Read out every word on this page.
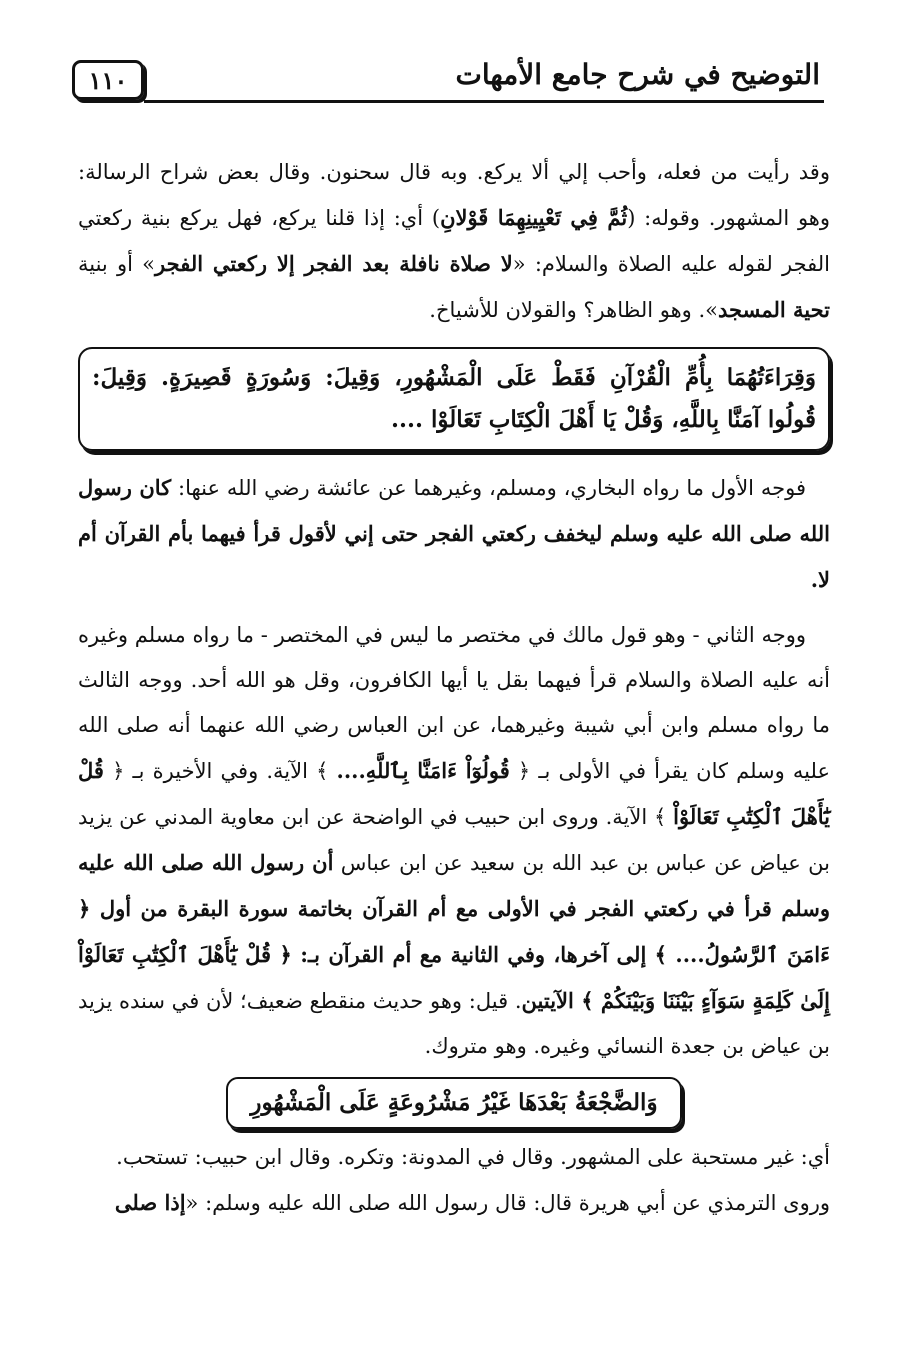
١١٠	التوضيح في شرح جامع الأمهات

وقد رأيت من فعله، وأحب إلي ألا يركع. وبه قال سحنون. وقال بعض شراح الرسالة: وهو المشهور. وقوله: (ثُمَّ فِي تَعْيِينِهِمَا قَوْلانِ) أي: إذا قلنا يركع، فهل يركع بنية ركعتي الفجر لقوله عليه الصلاة والسلام: «لا صلاة نافلة بعد الفجر إلا ركعتي الفجر» أو بنية تحية المسجد». وهو الظاهر؟ والقولان للأشياخ.

وَقِرَاءَتُهُمَا بِأُمِّ الْقُرْآنِ فَقَطْ عَلَى الْمَشْهُورِ، وَقِيلَ: وَسُورَةٍ قَصِيرَةٍ. وَقِيلَ: قُولُوا آمَنَّا بِاللَّهِ، وَقُلْ يَا أَهْلَ الْكِتَابِ تَعَالَوْا ....

فوجه الأول ما رواه البخاري، ومسلم، وغيرهما عن عائشة رضي الله عنها: كان رسول الله صلى الله عليه وسلم ليخفف ركعتي الفجر حتى إني لأقول قرأ فيهما بأم القرآن أم لا.

ووجه الثاني - وهو قول مالك في مختصر ما ليس في المختصر - ما رواه مسلم وغيره أنه عليه الصلاة والسلام قرأ فيهما بقل يا أيها الكافرون، وقل هو الله أحد. ووجه الثالث ما رواه مسلم وابن أبي شيبة وغيرهما، عن ابن العباس رضي الله عنهما أنه صلى الله عليه وسلم كان يقرأ في الأولى بـ ﴿ قُولُوٓاْ ءَامَنَّا بِٱللَّهِ.... ﴾ الآية. وفي الأخيرة بـ ﴿ قُلْ يَٰٓأَهْلَ ٱلْكِتَٰبِ تَعَالَوْاْ ﴾ الآية. وروى ابن حبيب في الواضحة عن ابن معاوية المدني عن يزيد بن عياض عن عباس بن عبد الله بن سعيد عن ابن عباس أن رسول الله صلى الله عليه وسلم قرأ في ركعتي الفجر في الأولى مع أم القرآن بخاتمة سورة البقرة من أول ﴿ ءَامَنَ ٱلرَّسُولُ.... ﴾ إلى آخرها، وفي الثانية مع أم القرآن بـ: ﴿ قُلْ يَٰٓأَهْلَ ٱلْكِتَٰبِ تَعَالَوْاْ إِلَىٰ كَلِمَةٍ سَوَآءٍ بَيْنَنَا وَبَيْنَكُمْ ﴾ الآيتين. قيل: وهو حديث منقطع ضعيف؛ لأن في سنده يزيد بن عياض بن جعدة النسائي وغيره. وهو متروك.

وَالضَّجْعَةُ بَعْدَهَا غَيْرُ مَشْرُوعَةٍ عَلَى الْمَشْهُورِ

أي: غير مستحبة على المشهور. وقال في المدونة: وتكره. وقال ابن حبيب: تستحب.

وروى الترمذي عن أبي هريرة قال: قال رسول الله صلى الله عليه وسلم: «إذا صلى
